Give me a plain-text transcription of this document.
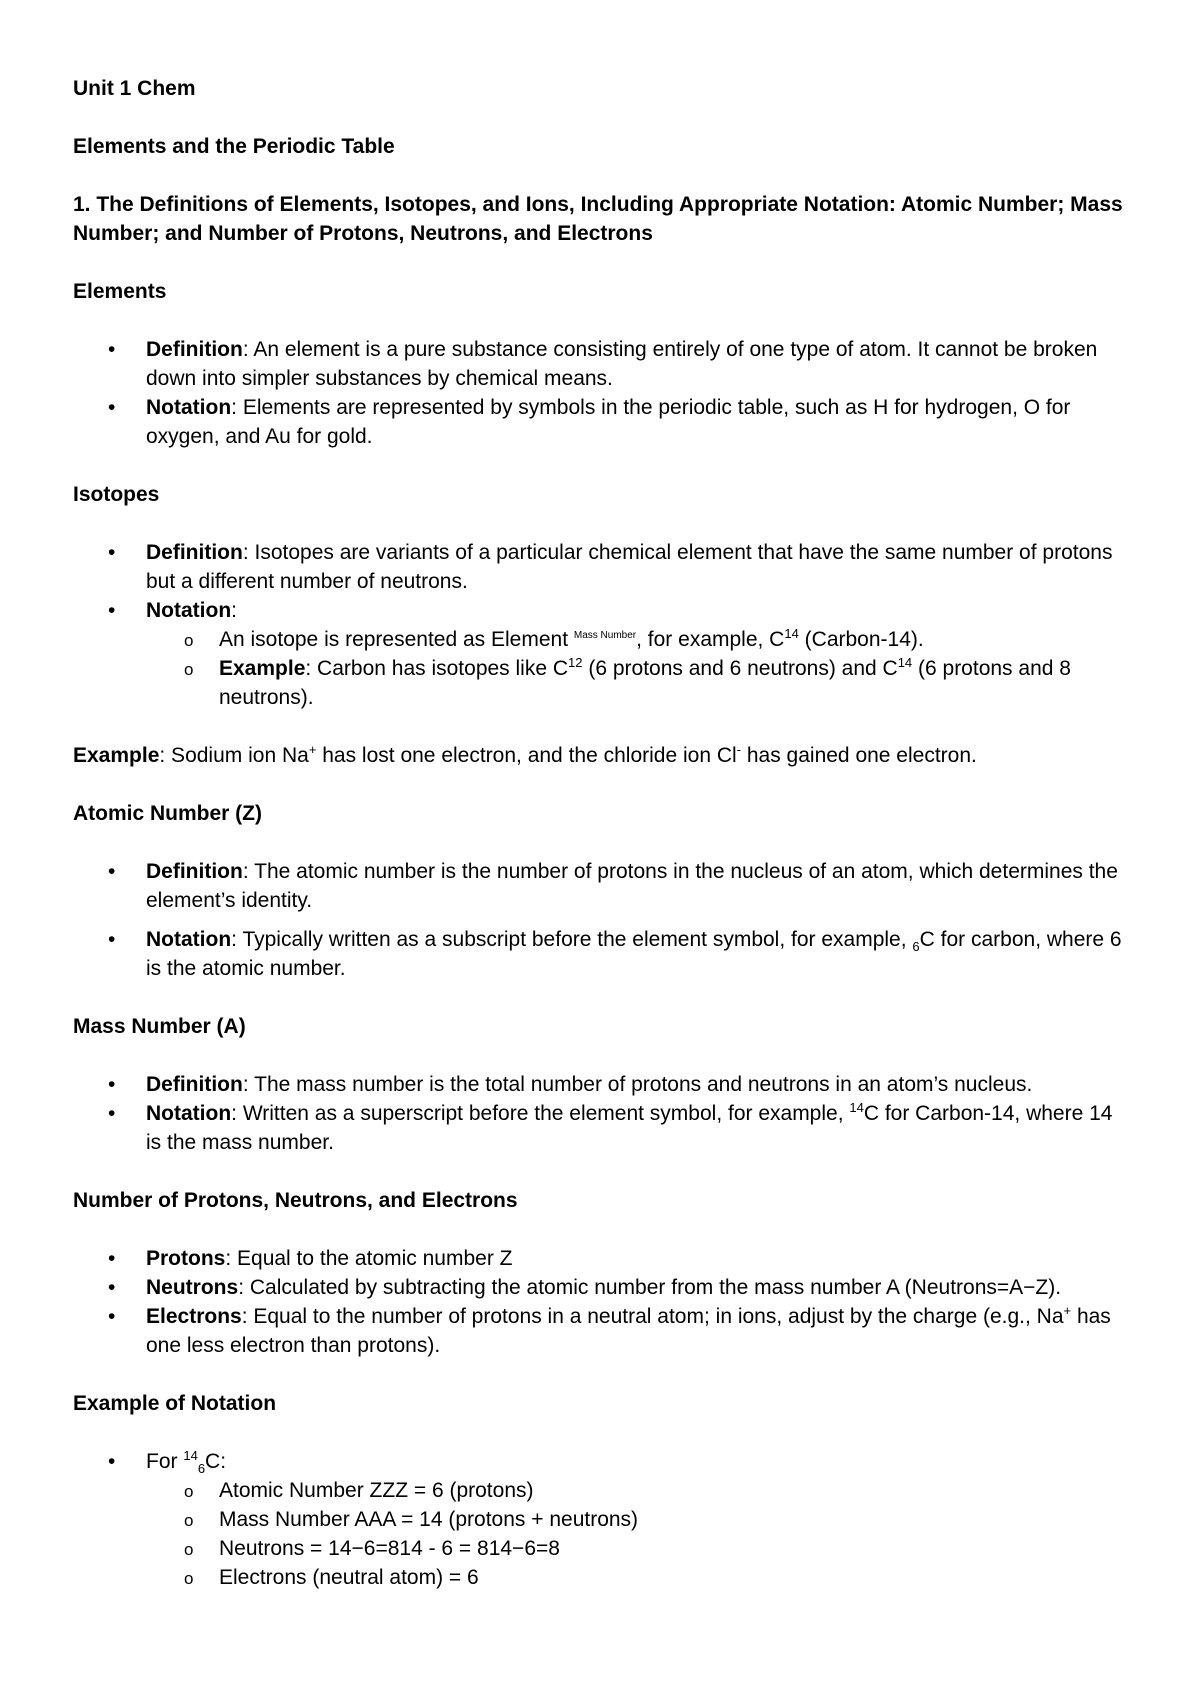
Unit 1 Chem

Elements and the Periodic Table

1. The Definitions of Elements, Isotopes, and Ions, Including Appropriate Notation: Atomic Number; Mass Number; and Number of Protons, Neutrons, and Electrons

Elements

• Definition: An element is a pure substance consisting entirely of one type of atom. It cannot be broken down into simpler substances by chemical means.
• Notation: Elements are represented by symbols in the periodic table, such as H for hydrogen, O for oxygen, and Au for gold.

Isotopes

• Definition: Isotopes are variants of a particular chemical element that have the same number of protons but a different number of neutrons.
• Notation:
o An isotope is represented as Element $^{Mass Number}$, for example, $C^{14}$ (Carbon-14).
o Example: Carbon has isotopes like $C^{12}$ (6 protons and 6 neutrons) and $C^{14}$ (6 protons and 8 neutrons).

Example: Sodium ion Na+ has lost one electron, and the chloride ion Cl- has gained one electron.

Atomic Number (Z)

• Definition: The atomic number is the number of protons in the nucleus of an atom, which determines the element’s identity.
• Notation: Typically written as a subscript before the element symbol, for example, $_6$C for carbon, where 6 is the atomic number.

Mass Number (A)

• Definition: The mass number is the total number of protons and neutrons in an atom’s nucleus.
• Notation: Written as a superscript before the element symbol, for example, $^{14}$C for Carbon-14, where 14 is the mass number.

Number of Protons, Neutrons, and Electrons

• Protons: Equal to the atomic number Z
• Neutrons: Calculated by subtracting the atomic number from the mass number A (Neutrons=A−Z).
• Electrons: Equal to the number of protons in a neutral atom; in ions, adjust by the charge (e.g., Na+ has one less electron than protons).

Example of Notation

• For $^{14}_6$C:
o Atomic Number ZZZ = 6 (protons)
o Mass Number AAA = 14 (protons + neutrons)
o Neutrons = 14−6=814 - 6 = 814−6=8
o Electrons (neutral atom) = 6
